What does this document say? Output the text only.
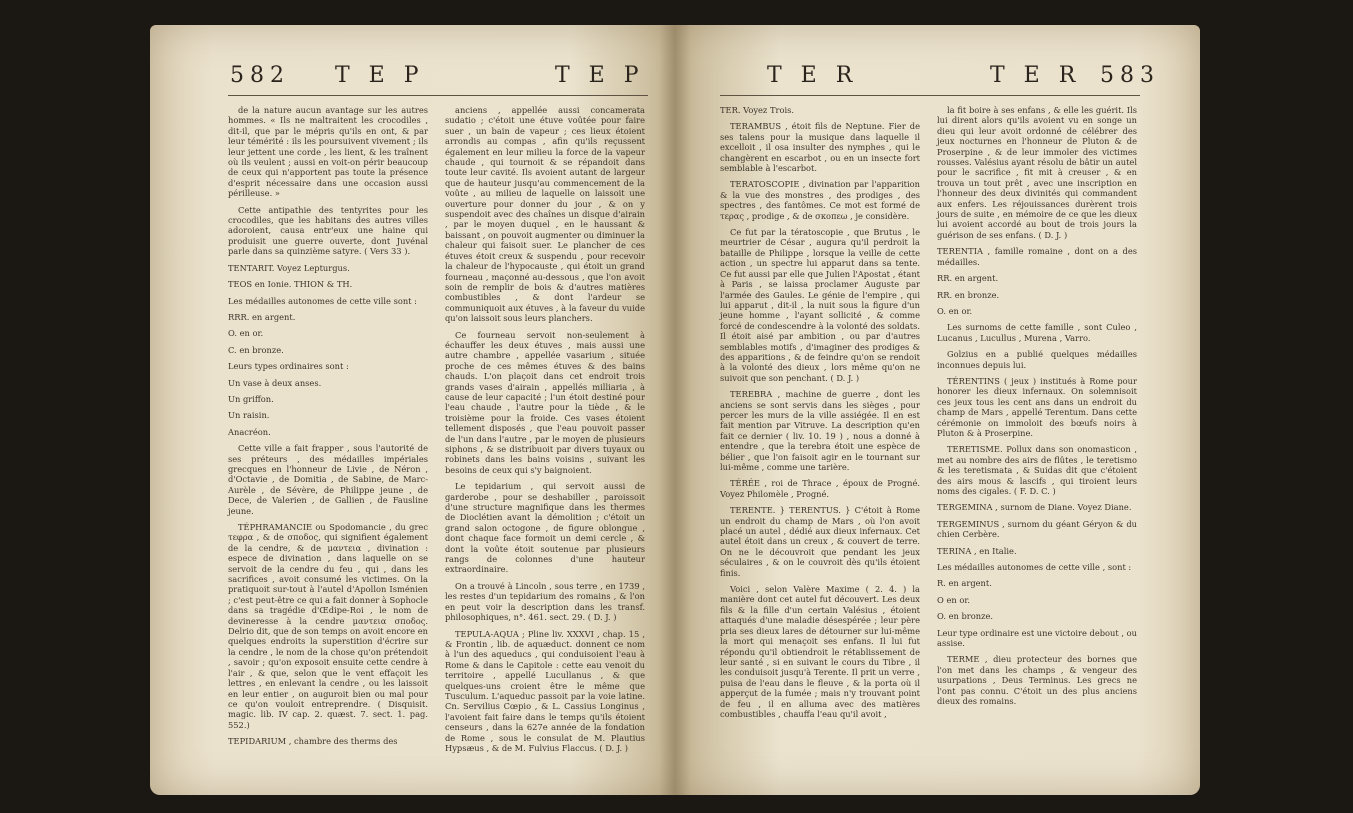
582 T E P	T E P

de la nature aucun avantage sur les autres hommes. « Ils ne maltraitent les crocodiles , dit-il, que par le mépris qu'ils en ont, & par leur témérité : ils les poursuivent vivement ; ils leur jettent une corde , les lient, & les traînent où ils veulent ; aussi en voit-on périr beaucoup de ceux qui n'apportent pas toute la présence d'esprit nécessaire dans une occasion aussi périlleuse. »

Cette antipathie des tentyrites pour les crocodiles, que les habitans des autres villes adoroient, causa entr'eux une haine qui produisit une guerre ouverte, dont Juvénal parle dans sa quinzième satyre. ( Vers 33 ).

TENTARIT. Voyez Lepturgus.

TEOS en Ionie. THION & TH.

Les médailles autonomes de cette ville sont :

RRR. en argent.

O. en or.

C. en bronze.

Leurs types ordinaires sont :

Un vase à deux anses.

Un griffon.

Un raisin.

Anacréon.

Cette ville a fait frapper , sous l'autorité de ses préteurs , des médailles impériales grecques en l'honneur de Livie , de Néron , d'Octavie , de Domitia , de Sabine, de Marc-Aurèle , de Sévère, de Philippe jeune , de Dece, de Valerien , de Gallien , de Fausline jeune.

TÉPHRAMANCIE ou Spodomancie , du grec τεφρα , & de σποδος, qui signifient également de la cendre, & de μαντεια , divination : espece de divination , dans laquelle on se servoit de la cendre du feu , qui , dans les sacrifices , avoit consumé les victimes. On la pratiquoit sur-tout à l'autel d'Apollon Isménien ; c'est peut-être ce qui a fait donner à Sophocle dans sa tragédie d'Œdipe-Roi , le nom de devineresse à la cendre μαντεια σποδος. Delrio dit, que de son temps on avoit encore en quelques endroits la superstition d'écrire sur la cendre , le nom de la chose qu'on prétendoit , savoir ; qu'on exposoit ensuite cette cendre à l'air , & que, selon que le vent effaçoit les lettres , en enlevant la cendre , ou les laissoit en leur entier , on auguroit bien ou mal pour ce qu'on vouloit entreprendre. ( Disquisit. magic. lib. IV cap. 2. quæst. 7. sect. 1. pag. 552.)

TEPIDARIUM , chambre des therms des

anciens , appellée aussi concamerata sudatio ; c'étoit une étuve voûtée pour faire suer , un bain de vapeur ; ces lieux étoient arrondis au compas , afin qu'ils reçussent également en leur milieu la force de la vapeur chaude , qui tournoit & se répandoit dans toute leur cavité. Ils avoient autant de largeur que de hauteur jusqu'au commencement de la voûte , au milieu de laquelle on laissoit une ouverture pour donner du jour , & on y suspendoit avec des chaînes un disque d'airain , par le moyen duquel , en le haussant & baissant , on pouvoit augmenter ou diminuer la chaleur qui faisoit suer. Le plancher de ces étuves étoit creux & suspendu , pour recevoir la chaleur de l'hypocauste , qui étoit un grand fourneau , maçonné au-dessous , que l'on avoit soin de remplir de bois & d'autres matières combustibles , & dont l'ardeur se communiquoit aux étuves , à la faveur du vuide qu'on laissoit sous leurs planchers.

Ce fourneau servoit non-seulement à échauffer les deux étuves , mais aussi une autre chambre , appellée vasarium , située proche de ces mêmes étuves & des bains chauds. L'on plaçoit dans cet endroit trois grands vases d'airain , appellés milliaria , à cause de leur capacité ; l'un étoit destiné pour l'eau chaude , l'autre pour la tiède , & le troisième pour la froide. Ces vases étoient tellement disposés , que l'eau pouvoit passer de l'un dans l'autre , par le moyen de plusieurs siphons , & se distribuoit par divers tuyaux ou robinets dans les bains voisins , suivant les besoins de ceux qui s'y baignoient.

Le tepidarium , qui servoit aussi de garderobe , pour se deshabiller , paroissoit d'une structure magnifique dans les thermes de Dioclétien avant la démolition ; c'étoit un grand salon octogone , de figure oblongue , dont chaque face formoit un demi cercle , & dont la voûte étoit soutenue par plusieurs rangs de colonnes d'une hauteur extraordinaire.

On a trouvé à Lincoln , sous terre , en 1739 , les restes d'un tepidarium des romains , & l'on en peut voir la description dans les transf. philosophiques, n°. 461. sect. 29. ( D. J. )

TEPULA-AQUA ; Pline liv. XXXVI , chap. 15 , & Frontin , lib. de aquæduct. donnent ce nom à l'un des aqueducs , qui conduisoient l'eau à Rome & dans le Capitole : cette eau venoit du territoire , appellé Lucullanus , & que quelques-uns croient être le même que Tusculum. L'aqueduc passoit par la voie latine. Cn. Servilius Cœpio , & L. Cassius Longinus , l'avoient fait faire dans le temps qu'ils étoient censeurs , dans la 627e année de la fondation de Rome , sous le consulat de M. Plautius Hypsæus , & de M. Fulvius Flaccus. ( D. J. )

T E R	T E R 583

TER. Voyez Trois.

TERAMBUS , étoit fils de Neptune. Fier de ses talens pour la musique dans laquelle il excelloit , il osa insulter des nymphes , qui le changèrent en escarbot , ou en un insecte fort semblable à l'escarbot.

TERATOSCOPIE , divination par l'apparition & la vue des monstres , des prodiges , des spectres , des fantômes. Ce mot est formé de τερας , prodige , & de σκοπεω , je considère.

Ce fut par la tératoscopie , que Brutus , le meurtrier de César , augura qu'il perdroit la bataille de Philippe , lorsque la veille de cette action , un spectre lui apparut dans sa tente. Ce fut aussi par elle que Julien l'Apostat , étant à Paris , se laissa proclamer Auguste par l'armée des Gaules. Le génie de l'empire , qui lui apparut , dit-il , la nuit sous la figure d'un jeune homme , l'ayant sollicité , & comme forcé de condescendre à la volonté des soldats. Il étoit aisé par ambition , ou par d'autres semblables motifs , d'imaginer des prodiges & des apparitions , & de feindre qu'on se rendoit à la volonté des dieux , lors même qu'on ne suivoit que son penchant. ( D. J. )

TEREBRA , machine de guerre , dont les anciens se sont servis dans les sièges , pour percer les murs de la ville assiégée. Il en est fait mention par Vitruve. La description qu'en fait ce dernier ( liv. 10. 19 ) , nous a donné à entendre , que la terebra étoit une espèce de bélier , que l'on faisoit agir en le tournant sur lui-même , comme une tarière.

TÉRÉE , roi de Thrace , époux de Progné. Voyez Philomèle , Progné.

TERENTE. } TERENTUS. } C'étoit à Rome un endroit du champ de Mars , où l'on avoit placé un autel , dédié aux dieux infernaux. Cet autel étoit dans un creux , & couvert de terre. On ne le découvroit que pendant les jeux séculaires , & on le couvroit dès qu'ils étoient finis.

Voici , selon Valère Maxime ( 2. 4. ) la manière dont cet autel fut découvert. Les deux fils & la fille d'un certain Valésius , étoient attaqués d'une maladie désespérée ; leur père pria ses dieux lares de détourner sur lui-même la mort qui menaçoit ses enfans. Il lui fut répondu qu'il obtiendroit le rétablissement de leur santé , si en suivant le cours du Tibre , il les conduisoit jusqu'à Terente. Il prit un verre , puisa de l'eau dans le fleuve , & la porta où il apperçut de la fumée ; mais n'y trouvant point de feu , il en alluma avec des matières combustibles , chauffa l'eau qu'il avoit ,

la fit boire à ses enfans , & elle les guérit. Ils lui dirent alors qu'ils avoient vu en songe un dieu qui leur avoit ordonné de célébrer des jeux nocturnes en l'honneur de Pluton & de Proserpine , & de leur immoler des victimes rousses. Valésius ayant résolu de bâtir un autel pour le sacrifice , fit mit à creuser , & en trouva un tout prêt , avec une inscription en l'honneur des deux divinités qui commandent aux enfers. Les réjouissances durèrent trois jours de suite , en mémoire de ce que les dieux lui avoient accordé au bout de trois jours la guérison de ses enfans. ( D. J. )

TERENTIA , famille romaine , dont on a des médailles.

RR. en argent.

RR. en bronze.

O. en or.

Les surnoms de cette famille , sont Culeo , Lucanus , Lucullus , Murena , Varro.

Golzius en a publié quelques médailles inconnues depuis lui.

TÉRENTINS ( jeux ) institués à Rome pour honorer les dieux infernaux. On solemnisoit ces jeux tous les cent ans dans un endroit du champ de Mars , appellé Terentum. Dans cette cérémonie on immoloit des bœufs noirs à Pluton & à Proserpine.

TERETISME. Pollux dans son onomasticon , met au nombre des airs de flûtes , le teretismo & les teretismata , & Suidas dit que c'étoient des airs mous & lascifs , qui tiroient leurs noms des cigales. ( F. D. C. )

TERGEMINA , surnom de Diane. Voyez Diane.

TERGEMINUS , surnom du géant Géryon & du chien Cerbère.

TERINA , en Italie.

Les médailles autonomes de cette ville , sont :

R. en argent.

O en or.

O. en bronze.

Leur type ordinaire est une victoire debout , ou assise.

TERME , dieu protecteur des bornes que l'on met dans les champs , & vengeur des usurpations , Deus Terminus. Les grecs ne l'ont pas connu. C'étoit un des plus anciens dieux des romains.
